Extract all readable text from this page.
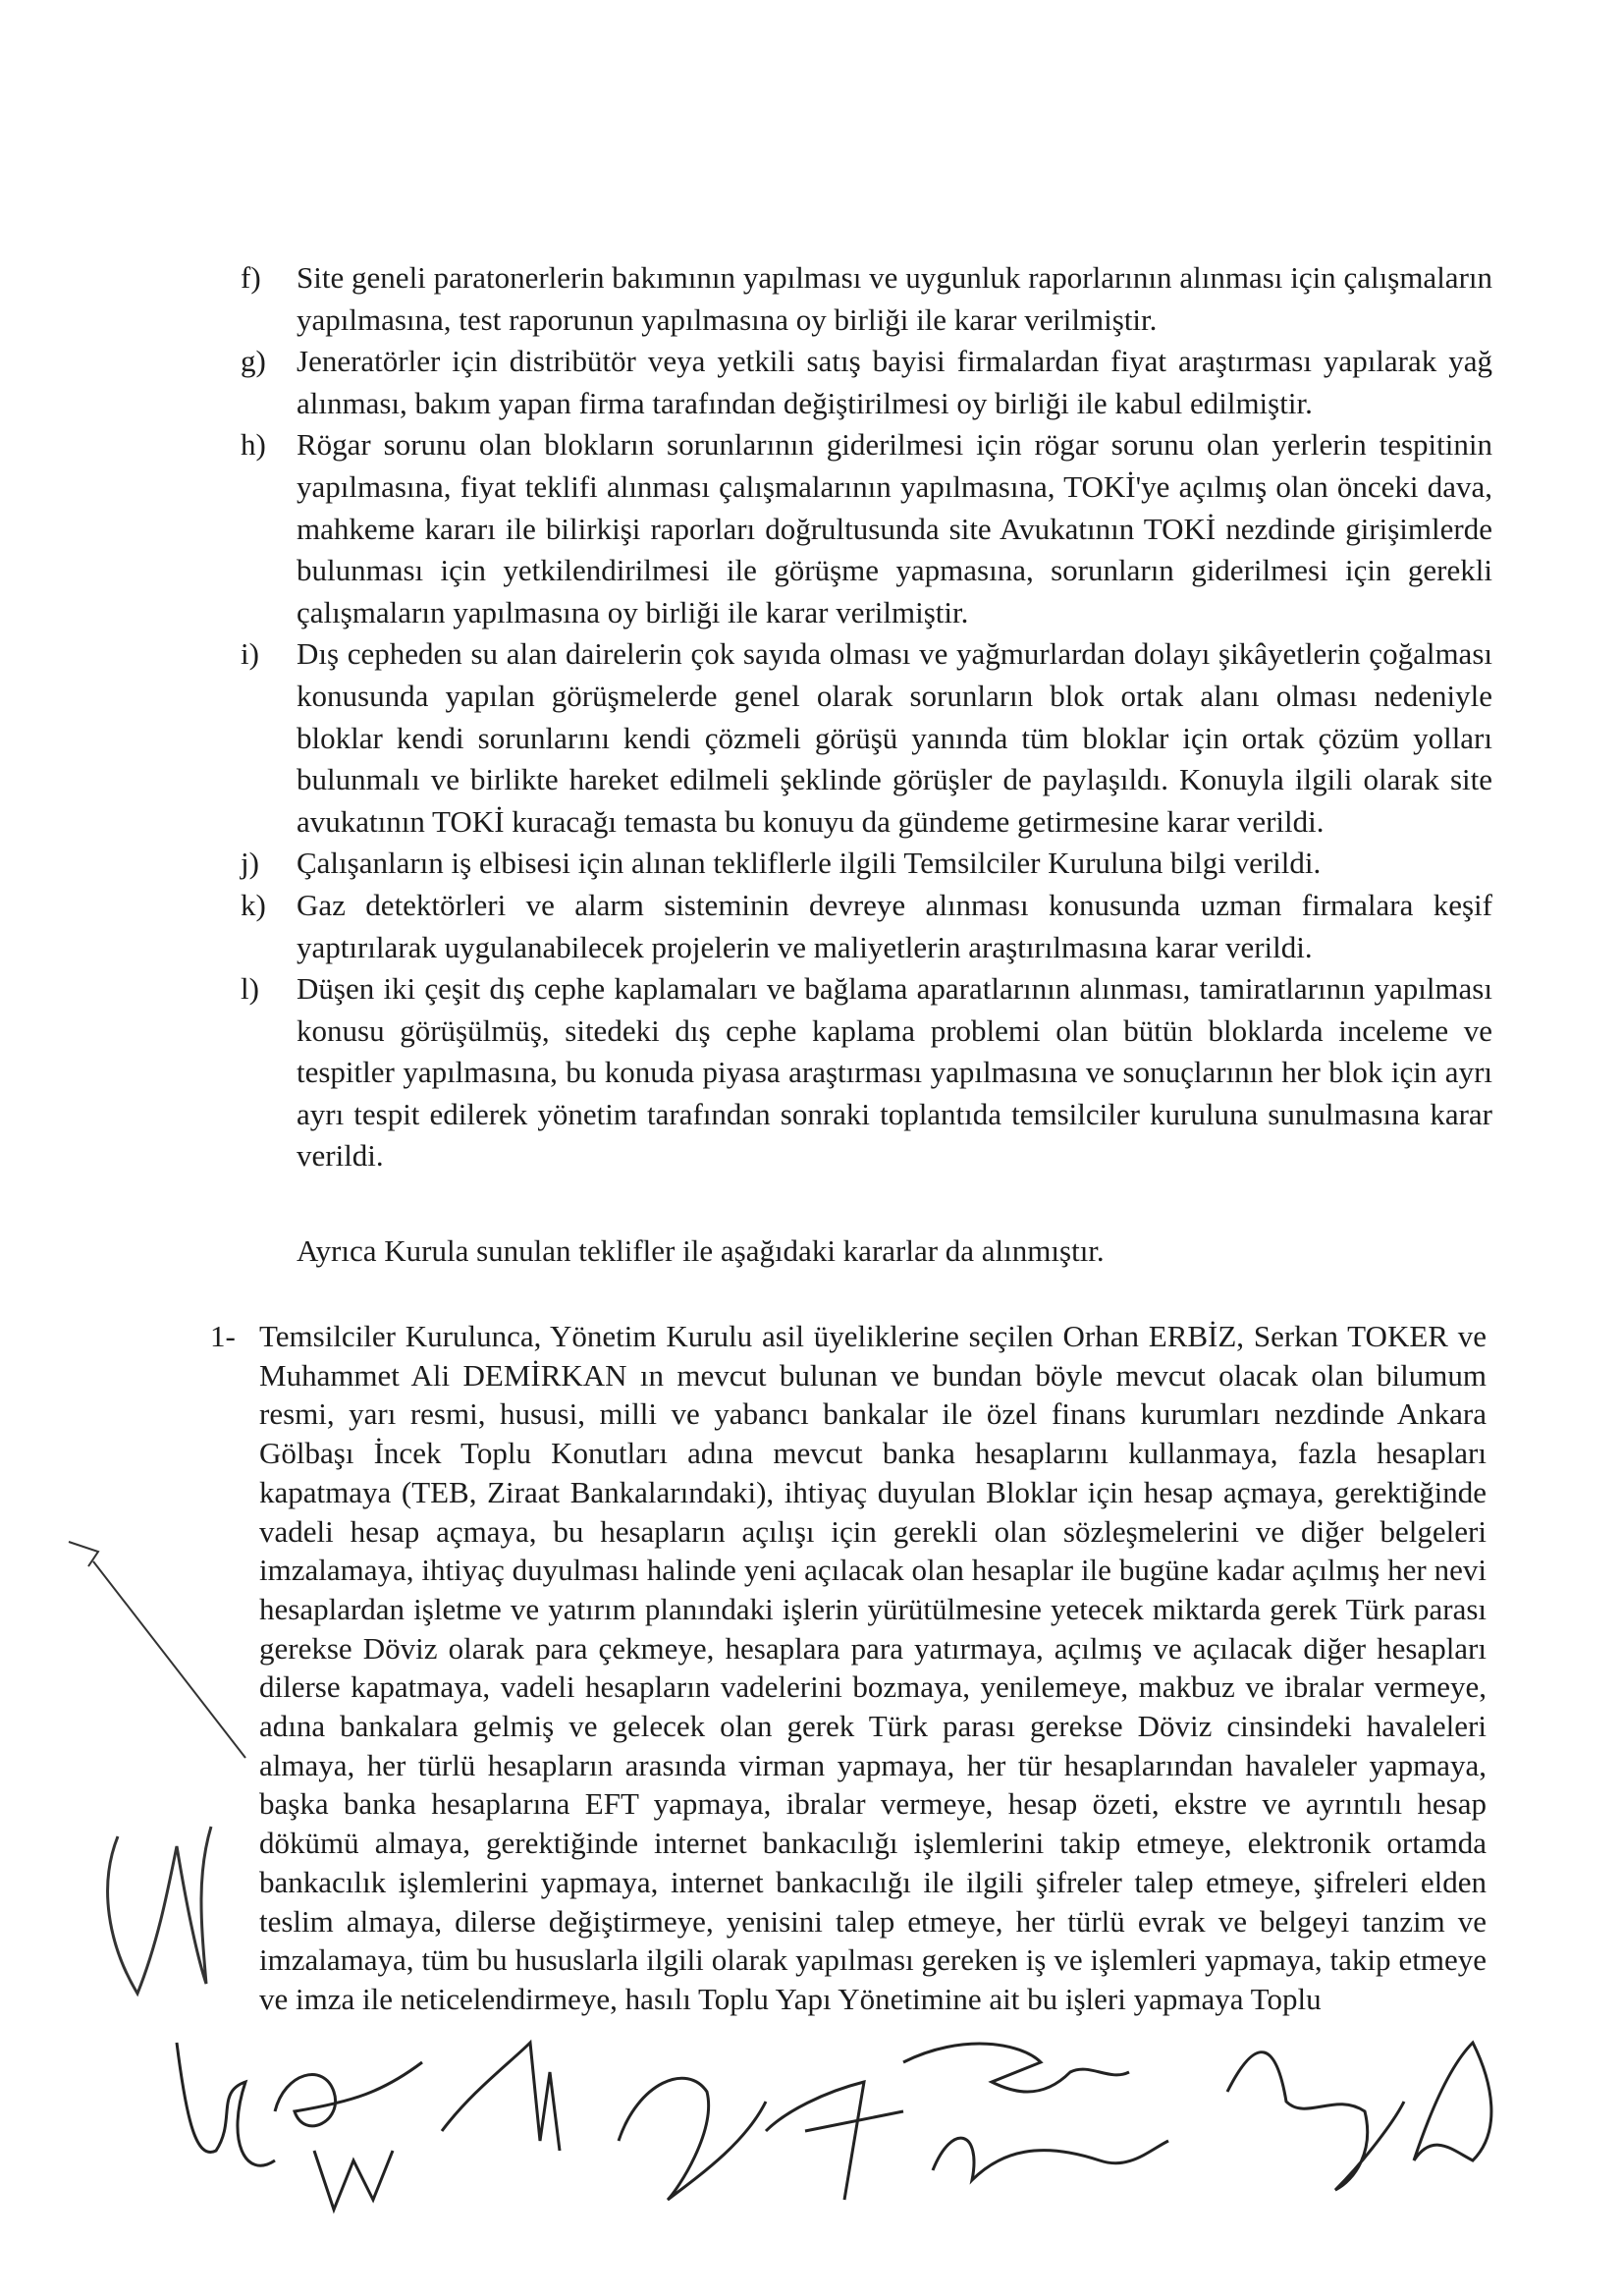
f) Site geneli paratonerlerin bakımının yapılması ve uygunluk raporlarının alınması için çalışmaların yapılmasına, test raporunun yapılmasına oy birliği ile karar verilmiştir.
g) Jeneratörler için distribütör veya yetkili satış bayisi firmalardan fiyat araştırması yapılarak yağ alınması, bakım yapan firma tarafından değiştirilmesi oy birliği ile kabul edilmiştir.
h) Rögar sorunu olan blokların sorunlarının giderilmesi için rögar sorunu olan yerlerin tespitinin yapılmasına, fiyat teklifi alınması çalışmalarının yapılmasına, TOKİ'ye açılmış olan önceki dava, mahkeme kararı ile bilirkişi raporları doğrultusunda site Avukatının TOKİ nezdinde girişimlerde bulunması için yetkilendirilmesi ile görüşme yapmasına, sorunların giderilmesi için gerekli çalışmaların yapılmasına oy birliği ile karar verilmiştir.
i) Dış cepheden su alan dairelerin çok sayıda olması ve yağmurlardan dolayı şikâyetlerin çoğalması konusunda yapılan görüşmelerde genel olarak sorunların blok ortak alanı olması nedeniyle bloklar kendi sorunlarını kendi çözmeli görüşü yanında tüm bloklar için ortak çözüm yolları bulunmalı ve birlikte hareket edilmeli şeklinde görüşler de paylaşıldı. Konuyla ilgili olarak site avukatının TOKİ kuracağı temasta bu konuyu da gündeme getirmesine karar verildi.
j) Çalışanların iş elbisesi için alınan tekliflerle ilgili Temsilciler Kuruluna bilgi verildi.
k) Gaz detektörleri ve alarm sisteminin devreye alınması konusunda uzman firmalara keşif yaptırılarak uygulanabilecek projelerin ve maliyetlerin araştırılmasına karar verildi.
l) Düşen iki çeşit dış cephe kaplamaları ve bağlama aparatlarının alınması, tamiratlarının yapılması konusu görüşülmüş, sitedeki dış cephe kaplama problemi olan bütün bloklarda inceleme ve tespitler yapılmasına, bu konuda piyasa araştırması yapılmasına ve sonuçlarının her blok için ayrı ayrı tespit edilerek yönetim tarafından sonraki toplantıda temsilciler kuruluna sunulmasına karar verildi.
Ayrıca Kurula sunulan teklifler ile aşağıdaki kararlar da alınmıştır.
1- Temsilciler Kurulunca, Yönetim Kurulu asil üyeliklerine seçilen Orhan ERBİZ, Serkan TOKER ve Muhammet Ali DEMİRKAN ın mevcut bulunan ve bundan böyle mevcut olacak olan bilumum resmi, yarı resmi, hususi, milli ve yabancı bankalar ile özel finans kurumları nezdinde Ankara Gölbaşı İncek Toplu Konutları adına mevcut banka hesaplarını kullanmaya, fazla hesapları kapatmaya (TEB, Ziraat Bankalarındaki), ihtiyaç duyulan Bloklar için hesap açmaya, gerektiğinde vadeli hesap açmaya, bu hesapların açılışı için gerekli olan sözleşmelerini ve diğer belgeleri imzalamaya, ihtiyaç duyulması halinde yeni açılacak olan hesaplar ile bugüne kadar açılmış her nevi hesaplardan işletme ve yatırım planındaki işlerin yürütülmesine yetecek miktarda gerek Türk parası gerekse Döviz olarak para çekmeye, hesaplara para yatırmaya, açılmış ve açılacak diğer hesapları dilerse kapatmaya, vadeli hesapların vadelerini bozmaya, yenilemeye, makbuz ve ibralar vermeye, adına bankalara gelmiş ve gelecek olan gerek Türk parası gerekse Döviz cinsindeki havaleleri almaya, her türlü hesapların arasında virman yapmaya, her tür hesaplarından havaleler yapmaya, başka banka hesaplarına EFT yapmaya, ibralar vermeye, hesap özeti, ekstre ve ayrıntılı hesap dökümü almaya, gerektiğinde internet bankacılığı işlemlerini takip etmeye, elektronik ortamda bankacılık işlemlerini yapmaya, internet bankacılığı ile ilgili şifreler talep etmeye, şifreleri elden teslim almaya, dilerse değiştirmeye, yenisini talep etmeye, her türlü evrak ve belgeyi tanzim ve imzalamaya, tüm bu hususlarla ilgili olarak yapılması gereken iş ve işlemleri yapmaya, takip etmeye ve imza ile neticelendirmeye, hasılı Toplu Yapı Yönetimine ait bu işleri yapmaya Toplu
